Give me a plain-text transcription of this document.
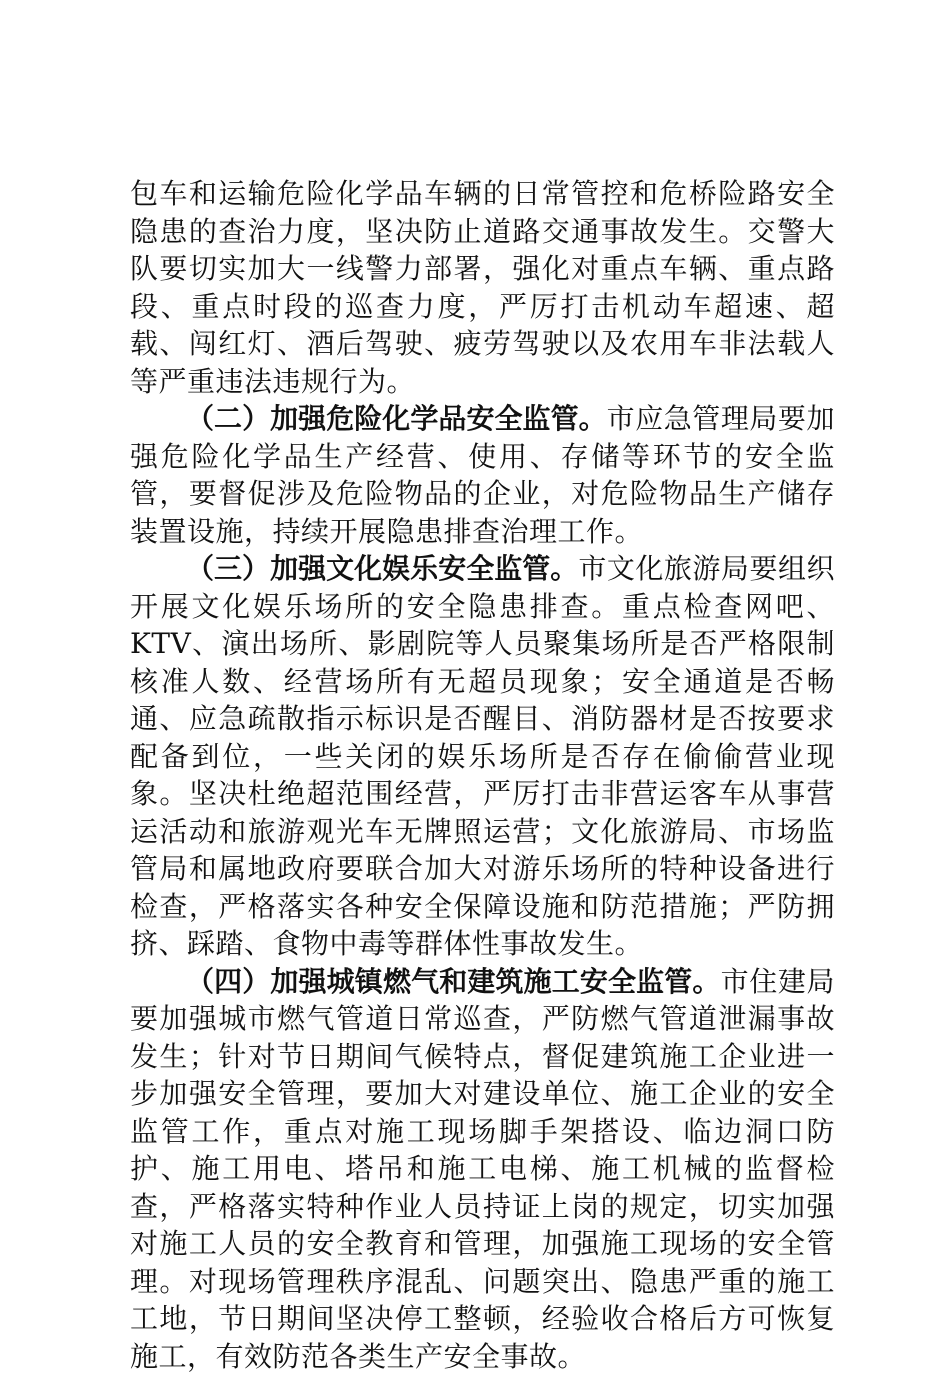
包车和运输危险化学品车辆的日常管控和危桥险路安全隐患的查治力度，坚决防止道路交通事故发生。交警大队要切实加大一线警力部署，强化对重点车辆、重点路段、重点时段的巡查力度，严厉打击机动车超速、超载、闯红灯、酒后驾驶、疲劳驾驶以及农用车非法载人等严重违法违规行为。

（二）加强危险化学品安全监管。市应急管理局要加强危险化学品生产经营、使用、存储等环节的安全监管，要督促涉及危险物品的企业，对危险物品生产储存装置设施，持续开展隐患排查治理工作。

（三）加强文化娱乐安全监管。市文化旅游局要组织开展文化娱乐场所的安全隐患排查。重点检查网吧、KTV、演出场所、影剧院等人员聚集场所是否严格限制核准人数、经营场所有无超员现象；安全通道是否畅通、应急疏散指示标识是否醒目、消防器材是否按要求配备到位，一些关闭的娱乐场所是否存在偷偷营业现象。坚决杜绝超范围经营，严厉打击非营运客车从事营运活动和旅游观光车无牌照运营；文化旅游局、市场监管局和属地政府要联合加大对游乐场所的特种设备进行检查，严格落实各种安全保障设施和防范措施；严防拥挤、踩踏、食物中毒等群体性事故发生。

（四）加强城镇燃气和建筑施工安全监管。市住建局要加强城市燃气管道日常巡查，严防燃气管道泄漏事故发生；针对节日期间气候特点，督促建筑施工企业进一步加强安全管理，要加大对建设单位、施工企业的安全监管工作，重点对施工现场脚手架搭设、临边洞口防护、施工用电、塔吊和施工电梯、施工机械的监督检查，严格落实特种作业人员持证上岗的规定，切实加强对施工人员的安全教育和管理，加强施工现场的安全管理。对现场管理秩序混乱、问题突出、隐患严重的施工工地，节日期间坚决停工整顿，经验收合格后方可恢复施工，有效防范各类生产安全事故。
